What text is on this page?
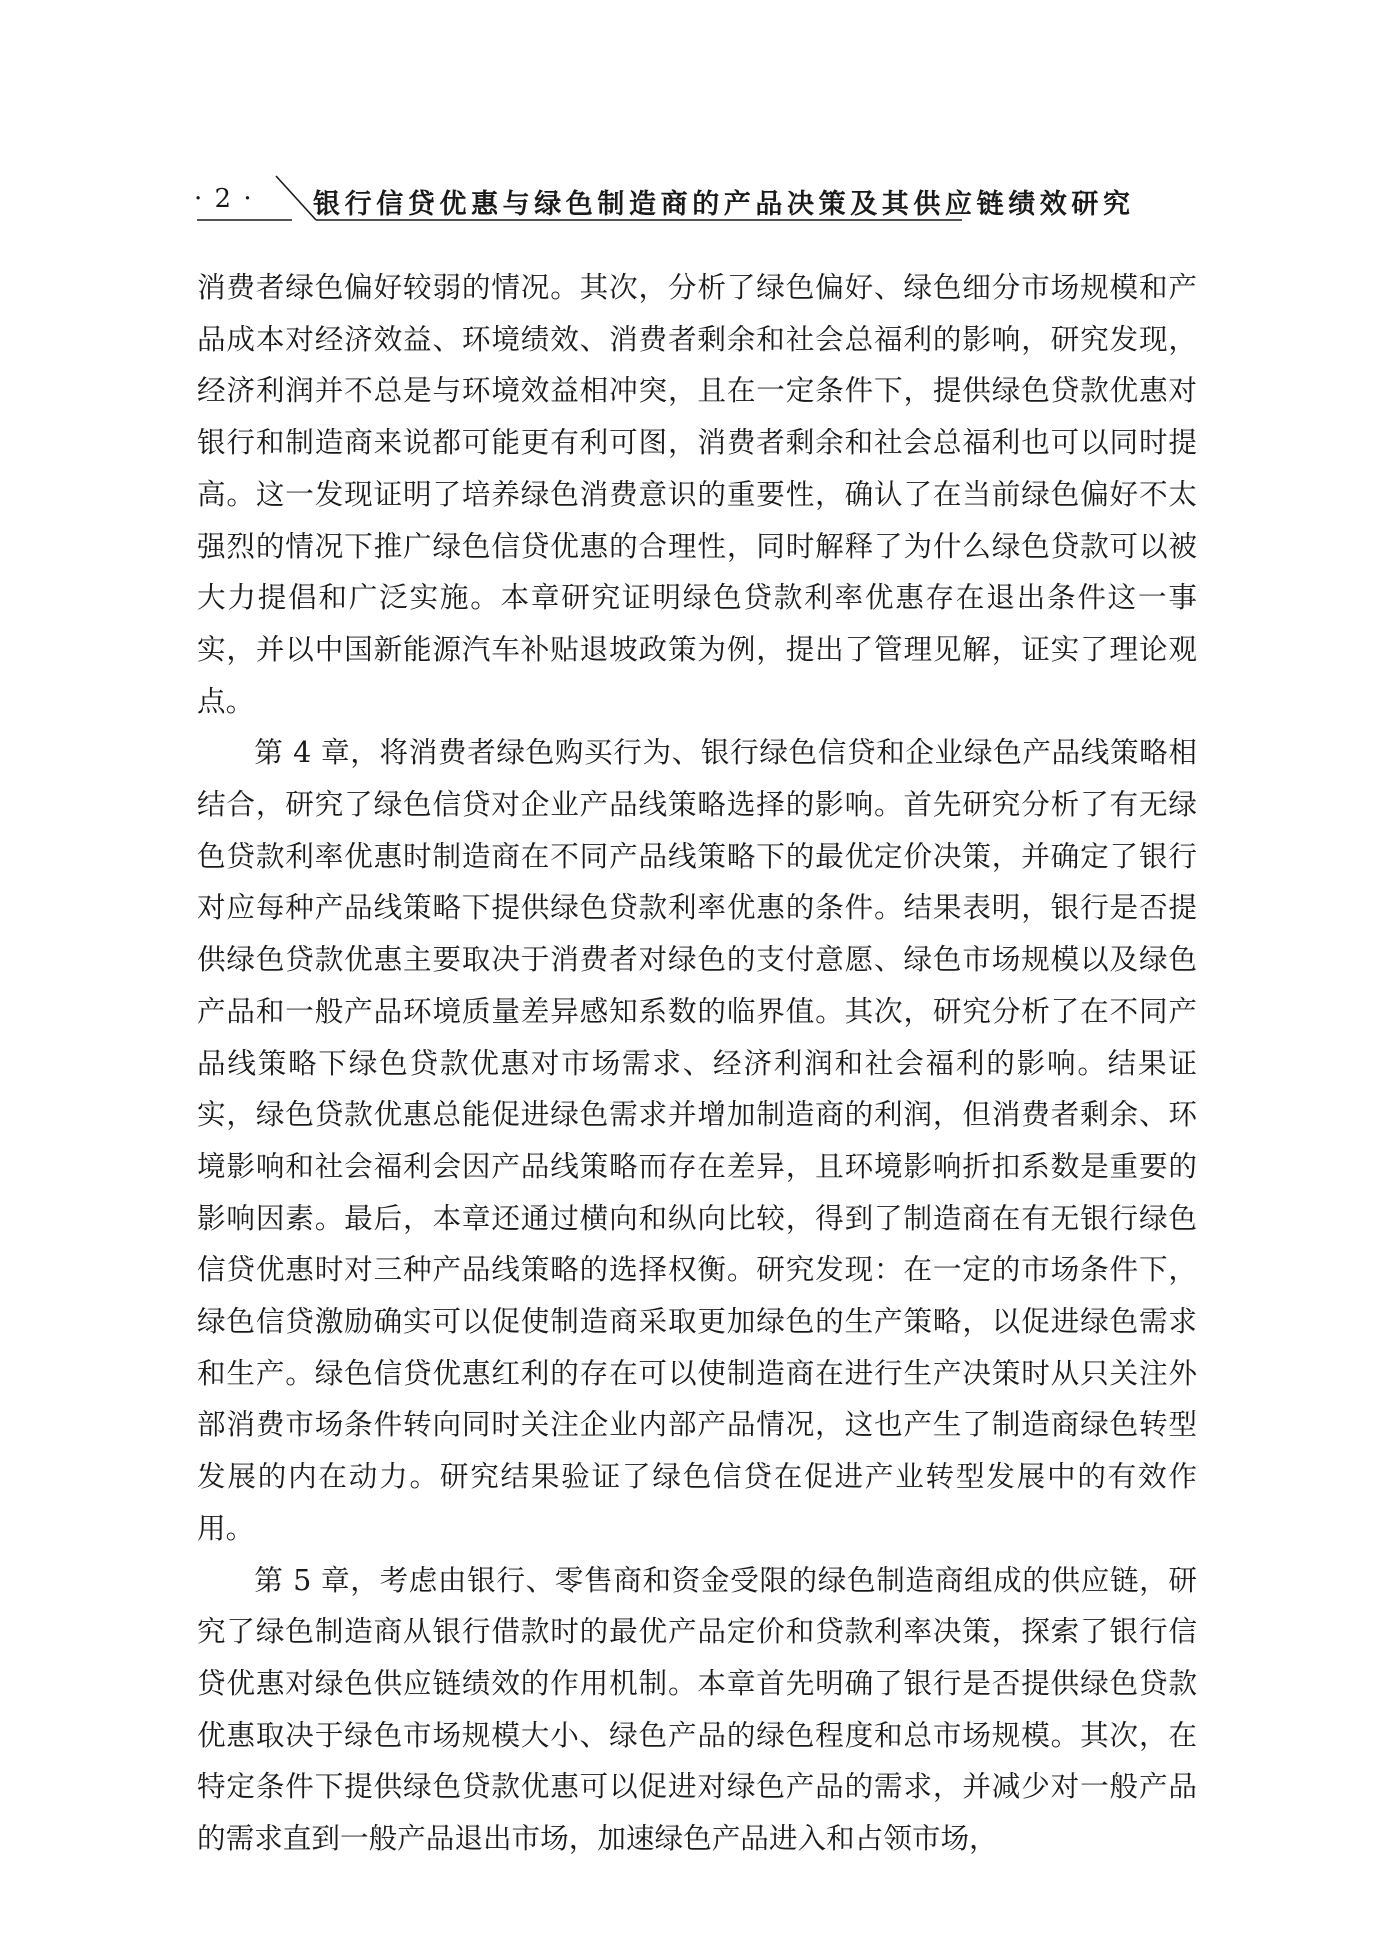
· 2 · 银行信贷优惠与绿色制造商的产品决策及其供应链绩效研究

消费者绿色偏好较弱的情况。其次，分析了绿色偏好、绿色细分市场规模和产品成本对经济效益、环境绩效、消费者剩余和社会总福利的影响，研究发现，经济利润并不总是与环境效益相冲突，且在一定条件下，提供绿色贷款优惠对银行和制造商来说都可能更有利可图，消费者剩余和社会总福利也可以同时提高。这一发现证明了培养绿色消费意识的重要性，确认了在当前绿色偏好不太强烈的情况下推广绿色信贷优惠的合理性，同时解释了为什么绿色贷款可以被大力提倡和广泛实施。本章研究证明绿色贷款利率优惠存在退出条件这一事实，并以中国新能源汽车补贴退坡政策为例，提出了管理见解，证实了理论观点。

第 4 章，将消费者绿色购买行为、银行绿色信贷和企业绿色产品线策略相结合，研究了绿色信贷对企业产品线策略选择的影响。首先研究分析了有无绿色贷款利率优惠时制造商在不同产品线策略下的最优定价决策，并确定了银行对应每种产品线策略下提供绿色贷款利率优惠的条件。结果表明，银行是否提供绿色贷款优惠主要取决于消费者对绿色的支付意愿、绿色市场规模以及绿色产品和一般产品环境质量差异感知系数的临界值。其次，研究分析了在不同产品线策略下绿色贷款优惠对市场需求、经济利润和社会福利的影响。结果证实，绿色贷款优惠总能促进绿色需求并增加制造商的利润，但消费者剩余、环境影响和社会福利会因产品线策略而存在差异，且环境影响折扣系数是重要的影响因素。最后，本章还通过横向和纵向比较，得到了制造商在有无银行绿色信贷优惠时对三种产品线策略的选择权衡。研究发现：在一定的市场条件下，绿色信贷激励确实可以促使制造商采取更加绿色的生产策略，以促进绿色需求和生产。绿色信贷优惠红利的存在可以使制造商在进行生产决策时从只关注外部消费市场条件转向同时关注企业内部产品情况，这也产生了制造商绿色转型发展的内在动力。研究结果验证了绿色信贷在促进产业转型发展中的有效作用。

第 5 章，考虑由银行、零售商和资金受限的绿色制造商组成的供应链，研究了绿色制造商从银行借款时的最优产品定价和贷款利率决策，探索了银行信贷优惠对绿色供应链绩效的作用机制。本章首先明确了银行是否提供绿色贷款优惠取决于绿色市场规模大小、绿色产品的绿色程度和总市场规模。其次，在特定条件下提供绿色贷款优惠可以促进对绿色产品的需求，并减少对一般产品的需求直到一般产品退出市场，加速绿色产品进入和占领市场，
